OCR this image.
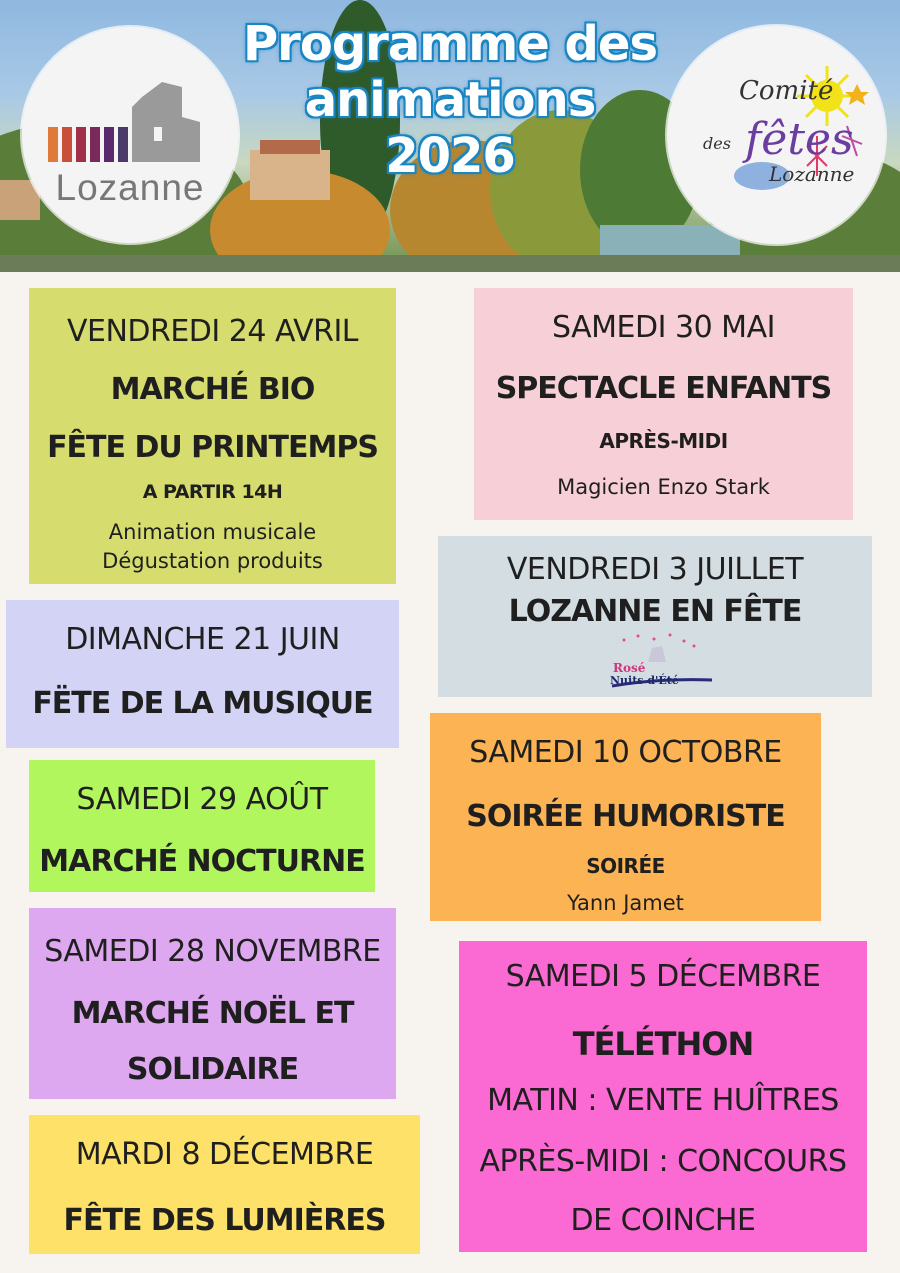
Lozanne
Programme des
animations
2026
Comité
des fêtes
Lozanne
VENDREDI 24 AVRIL
MARCHÉ BIO
FÊTE DU PRINTEMPS
A PARTIR 14H
Animation musicale
Dégustation produits
SAMEDI 30 MAI
SPECTACLE ENFANTS
APRÈS-MIDI
Magicien Enzo Stark
VENDREDI 3 JUILLET
LOZANNE EN FÊTE
Rosé
Nuits d'Été
DIMANCHE 21 JUIN
FËTE DE LA MUSIQUE
SAMEDI 10 OCTOBRE
SOIRÉE HUMORISTE
SOIRÉE
Yann Jamet
SAMEDI 29 AOÛT
MARCHÉ NOCTURNE
SAMEDI 28 NOVEMBRE
MARCHÉ NOËL ET
SOLIDAIRE
SAMEDI 5 DÉCEMBRE
TÉLÉTHON
MATIN : VENTE HUÎTRES
APRÈS-MIDI : CONCOURS
DE COINCHE
MARDI 8 DÉCEMBRE
FÊTE DES LUMIÈRES
